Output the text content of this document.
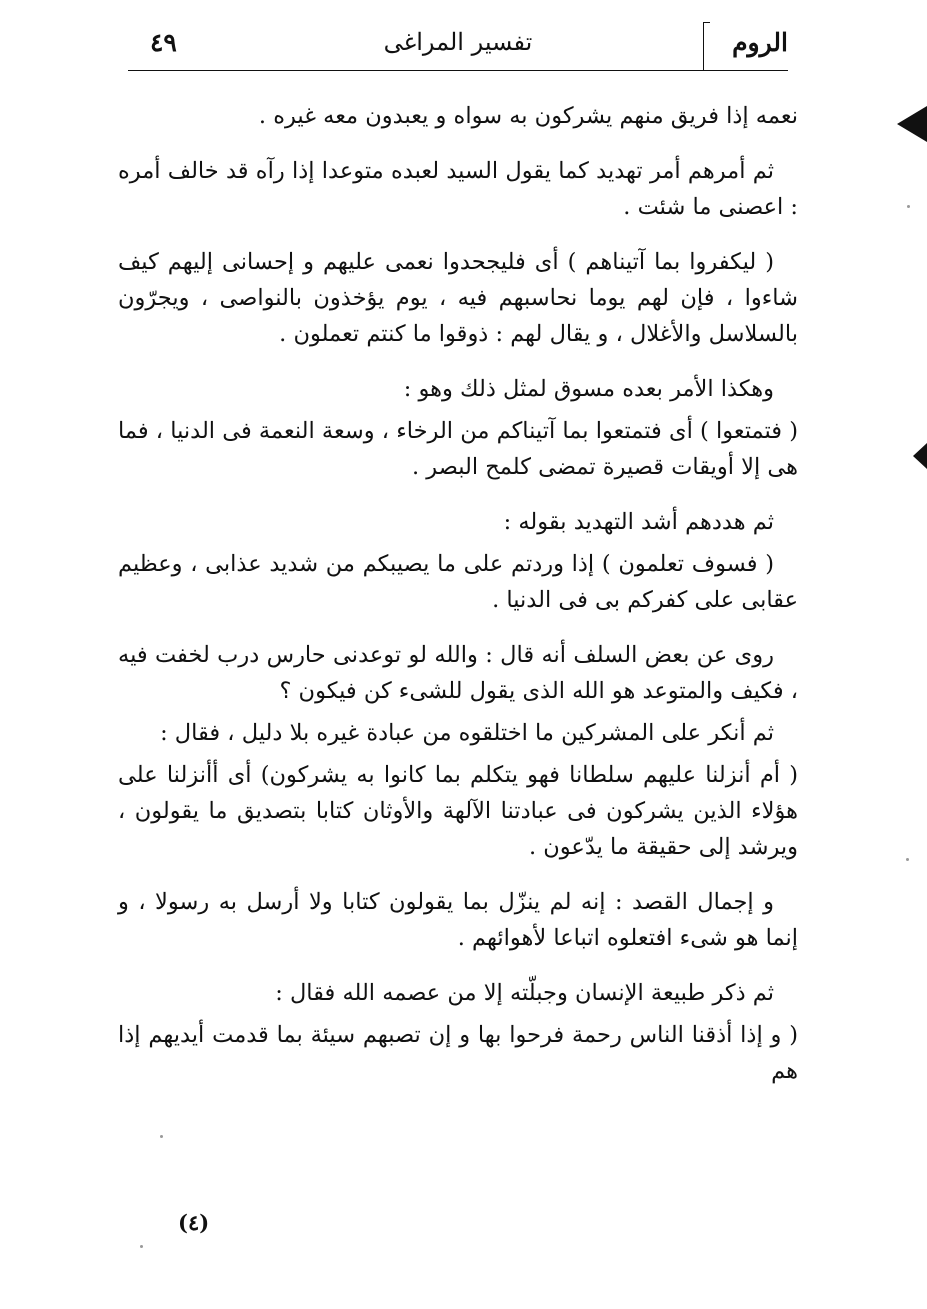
الروم
تفسير المراغى
٤٩

نعمه إذا فريق منهم يشركون به سواه و يعبدون معه غيره .

ثم أمرهم أمر تهديد كما يقول السيد لعبده متوعدا إذا رآه قد خالف أمره : اعصنى ما شئت .

( ليكفروا بما آتيناهم ) أى فليجحدوا نعمى عليهم و إحسانى إليهم كيف شاءوا ، فإن لهم يوما نحاسبهم فيه ، يوم يؤخذون بالنواصى ، ويجرّون بالسلاسل والأغلال ، و يقال لهم : ذوقوا ما كنتم تعملون .

وهكذا الأمر بعده مسوق لمثل ذلك وهو :

( فتمتعوا ) أى فتمتعوا بما آتيناكم من الرخاء ، وسعة النعمة فى الدنيا ، فما هى إلا أويقات قصيرة تمضى كلمح البصر .

ثم هددهم أشد التهديد بقوله :

( فسوف تعلمون ) إذا وردتم على ما يصيبكم من شديد عذابى ، وعظيم عقابى على كفركم بى فى الدنيا .

روى عن بعض السلف أنه قال : والله لو توعدنى حارس درب لخفت فيه ، فكيف والمتوعد هو الله الذى يقول للشىء كن فيكون ؟

ثم أنكر على المشركين ما اختلقوه من عبادة غيره بلا دليل ، فقال :

( أم أنزلنا عليهم سلطانا فهو يتكلم بما كانوا به يشركون) أى أأنزلنا على هؤلاء الذين يشركون فى عبادتنا الآلهة والأوثان كتابا بتصديق ما يقولون ، ويرشد إلى حقيقة ما يدّعون .

و إجمال القصد : إنه لم ينزّل بما يقولون كتابا ولا أرسل به رسولا ، و إنما هو شىء افتعلوه اتباعا لأهوائهم .

ثم ذكر طبيعة الإنسان وجبلّته إلا من عصمه الله فقال :

( و إذا أذقنا الناس رحمة فرحوا بها و إن تصبهم سيئة بما قدمت أيديهم إذا هم

(٤)
